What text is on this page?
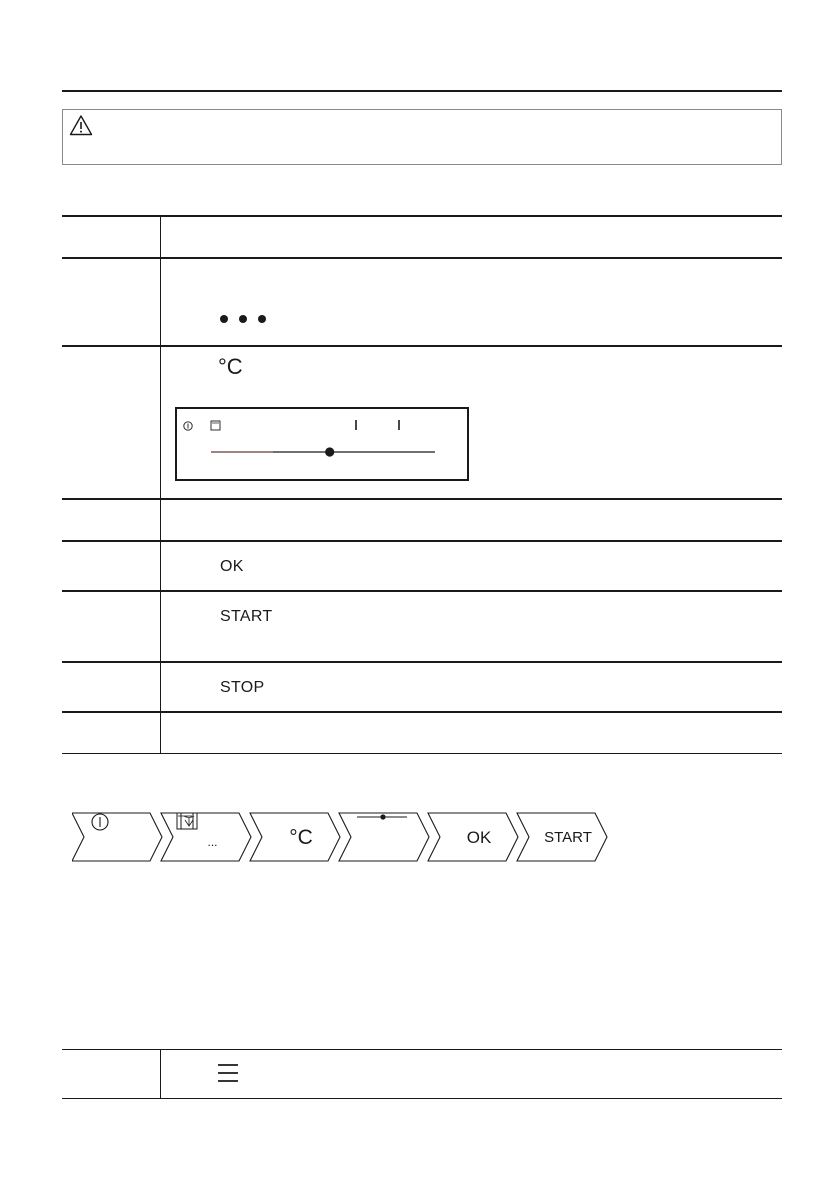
	°C

	OK

	START

	STOP

...	°C	OK	START
